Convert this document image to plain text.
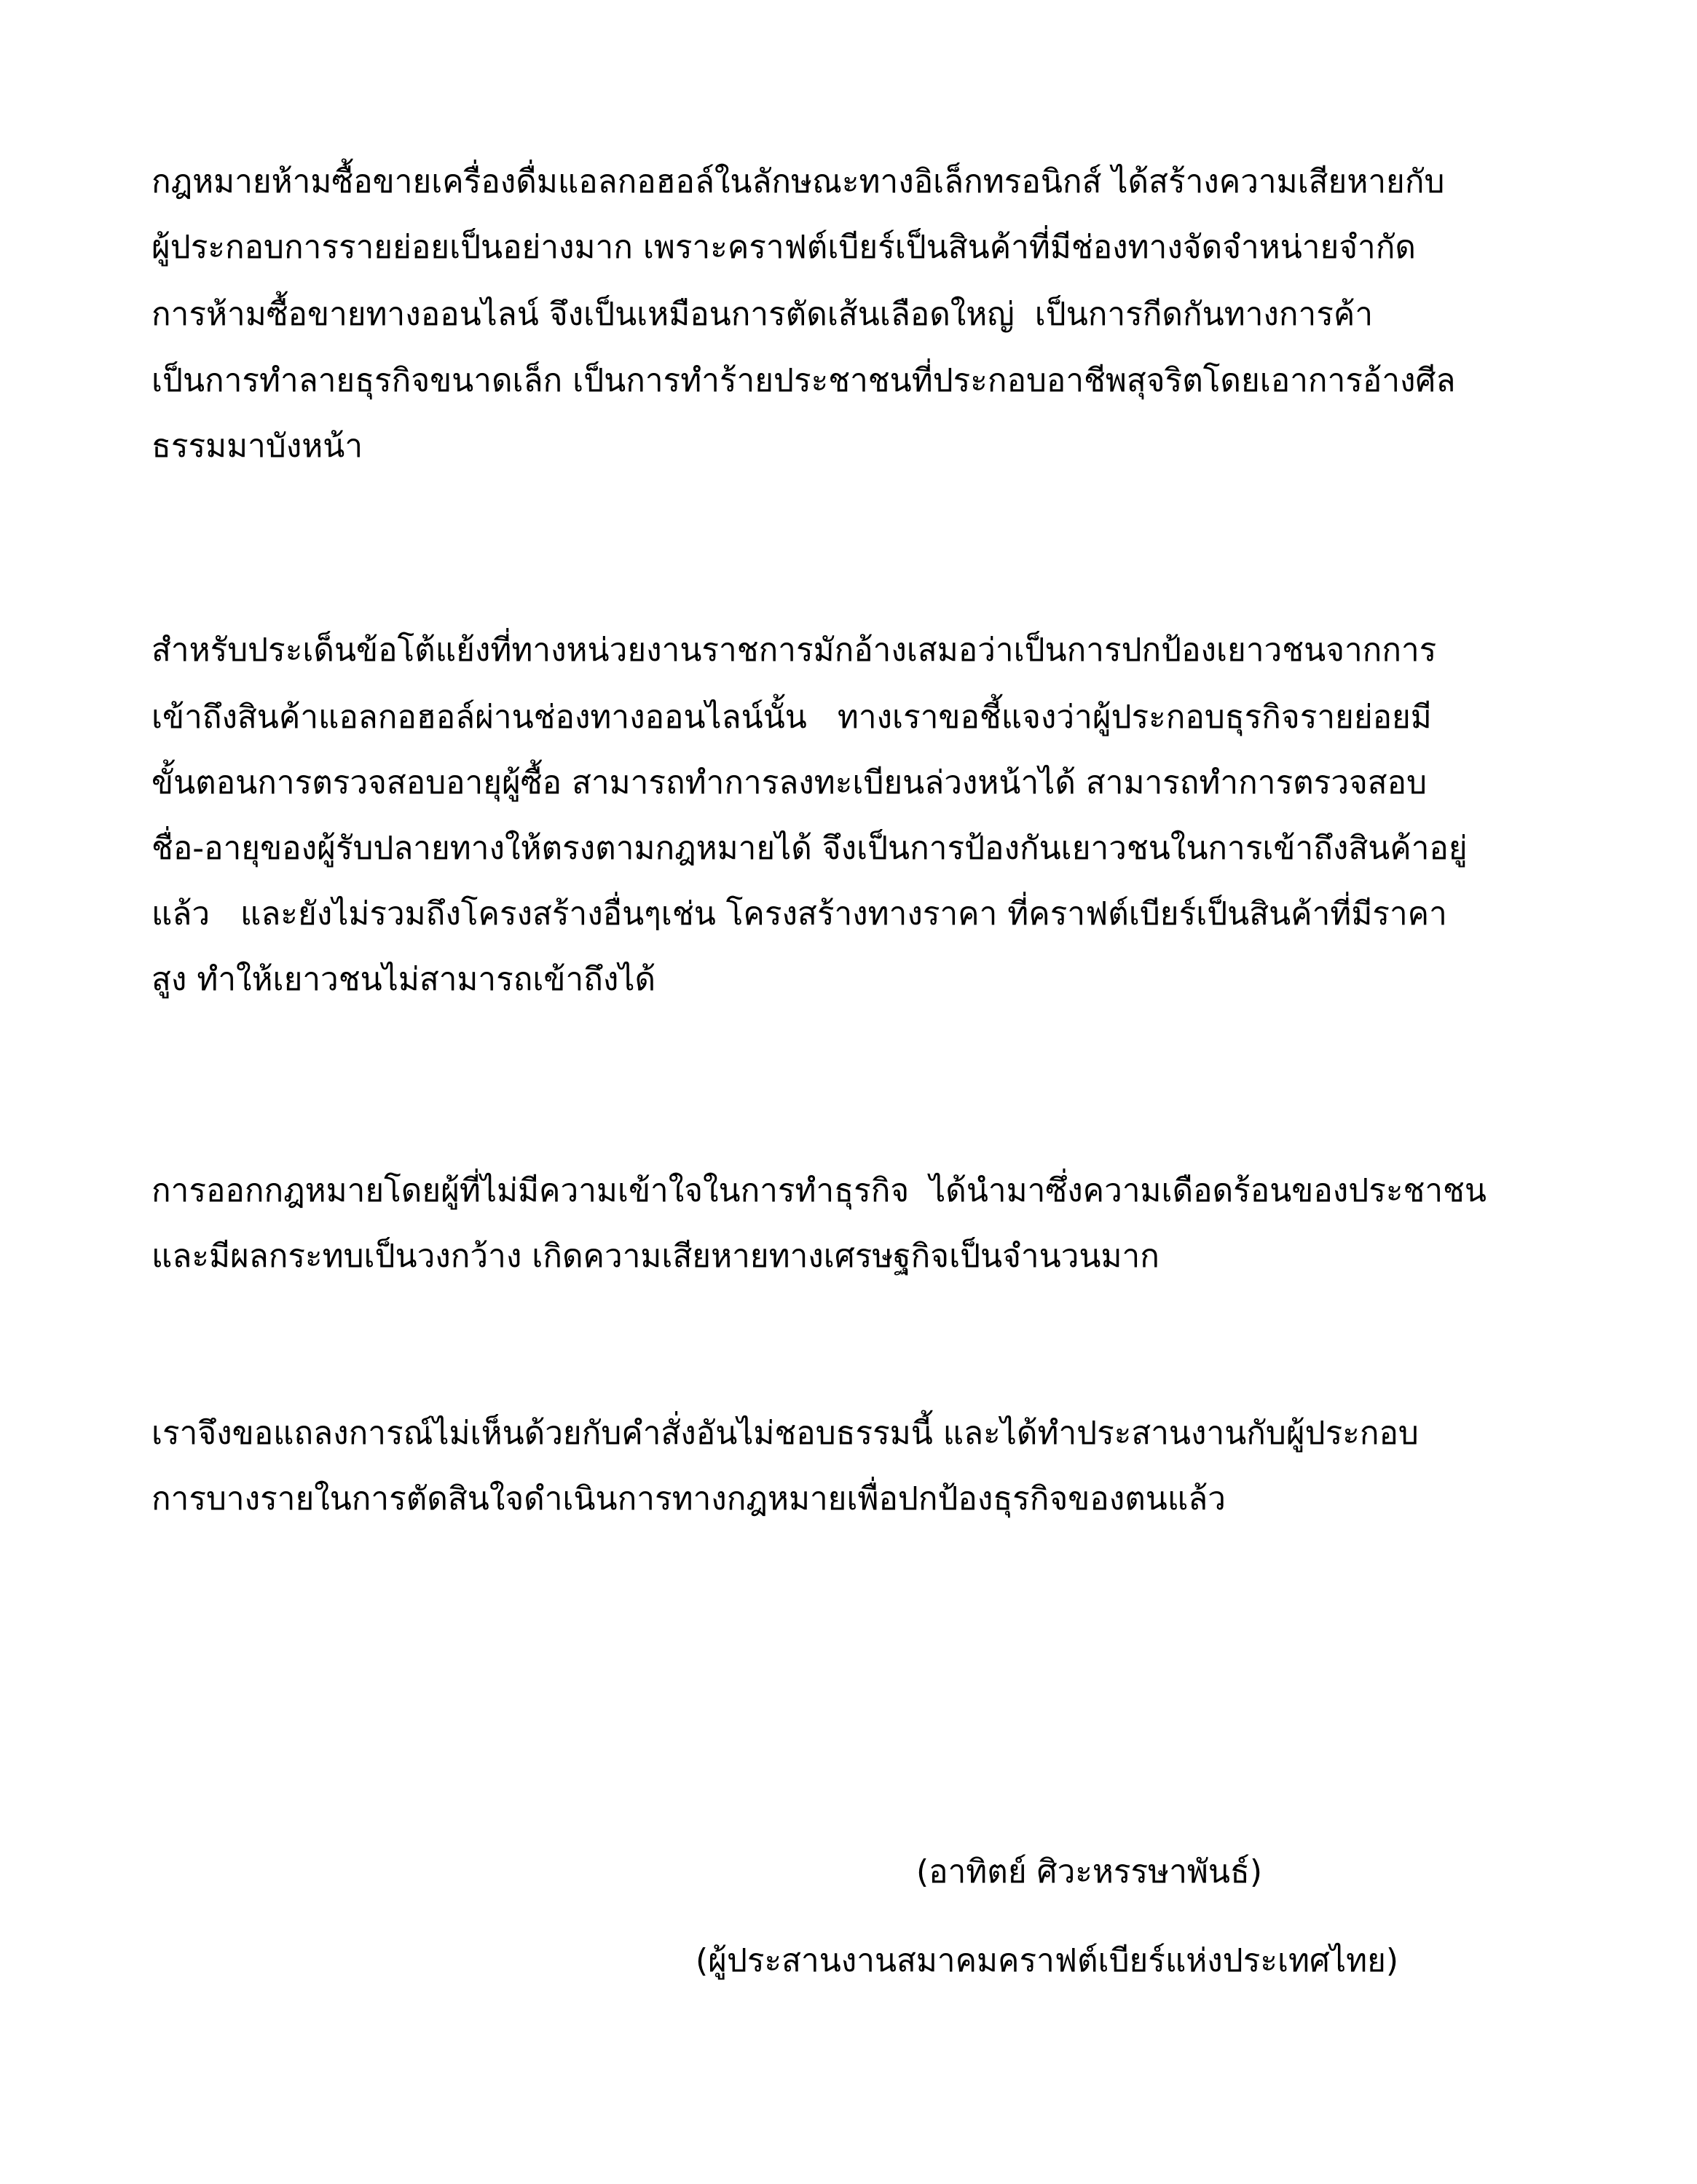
กฎหมายห้ามซื้อขายเครื่องดื่มแอลกอฮอล์ในลักษณะทางอิเล็กทรอนิกส์ ได้สร้างความเสียหายกับ

ผู้ประกอบการรายย่อยเป็นอย่างมาก เพราะคราฟต์เบียร์เป็นสินค้าที่มีช่องทางจัดจำหน่ายจำกัด

การห้ามซื้อขายทางออนไลน์ จึงเป็นเหมือนการตัดเส้นเลือดใหญ่  เป็นการกีดกันทางการค้า

เป็นการทำลายธุรกิจขนาดเล็ก เป็นการทำร้ายประชาชนที่ประกอบอาชีพสุจริตโดยเอาการอ้างศีล

ธรรมมาบังหน้า

สำหรับประเด็นข้อโต้แย้งที่ทางหน่วยงานราชการมักอ้างเสมอว่าเป็นการปกป้องเยาวชนจากการ

เข้าถึงสินค้าแอลกอฮอล์ผ่านช่องทางออนไลน์นั้น   ทางเราขอชี้แจงว่าผู้ประกอบธุรกิจรายย่อยมี

ขั้นตอนการตรวจสอบอายุผู้ซื้อ สามารถทำการลงทะเบียนล่วงหน้าได้ สามารถทำการตรวจสอบ

ชื่อ-อายุของผู้รับปลายทางให้ตรงตามกฎหมายได้ จึงเป็นการป้องกันเยาวชนในการเข้าถึงสินค้าอยู่

แล้ว   และยังไม่รวมถึงโครงสร้างอื่นๆเช่น โครงสร้างทางราคา ที่คราฟต์เบียร์เป็นสินค้าที่มีราคา

สูง ทำให้เยาวชนไม่สามารถเข้าถึงได้

การออกกฎหมายโดยผู้ที่ไม่มีความเข้าใจในการทำธุรกิจ  ได้นำมาซึ่งความเดือดร้อนของประชาชน

และมีผลกระทบเป็นวงกว้าง เกิดความเสียหายทางเศรษฐกิจเป็นจำนวนมาก

เราจึงขอแถลงการณ์ไม่เห็นด้วยกับคำสั่งอันไม่ชอบธรรมนี้ และได้ทำประสานงานกับผู้ประกอบ

การบางรายในการตัดสินใจดำเนินการทางกฎหมายเพื่อปกป้องธุรกิจของตนแล้ว

(อาทิตย์ ศิวะหรรษาพันธ์)

(ผู้ประสานงานสมาคมคราฟต์เบียร์แห่งประเทศไทย)
